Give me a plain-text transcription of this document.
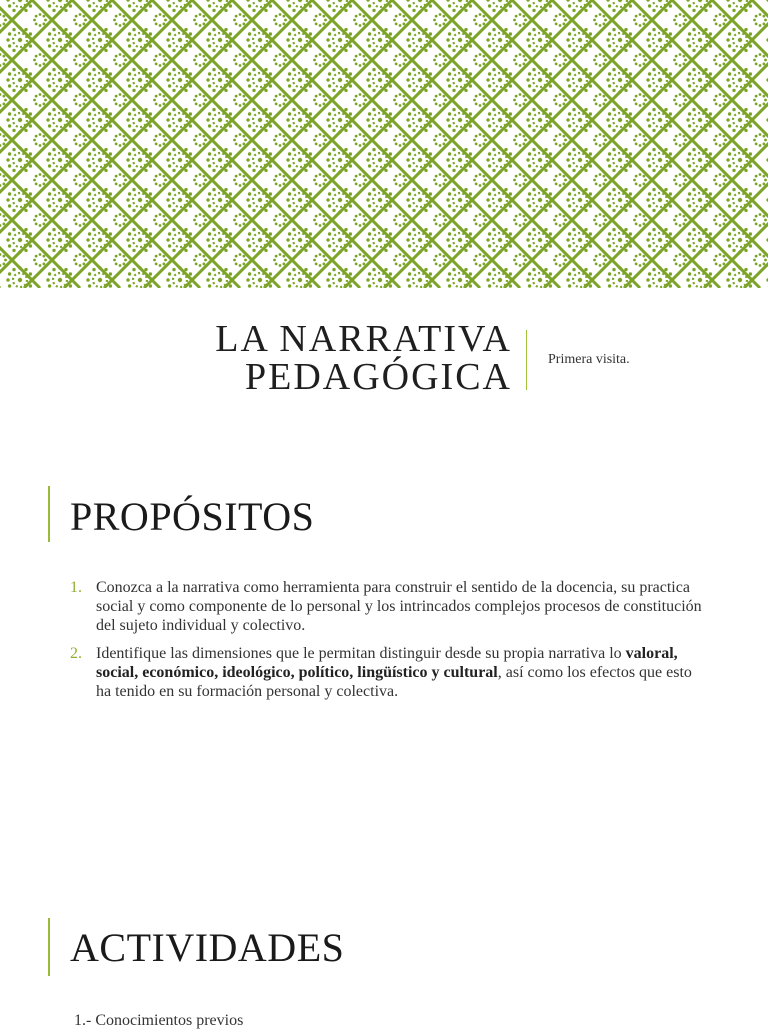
LA NARRATIVA
PEDAGÓGICA	Primera visita.
PROPÓSITOS
1. Conozca a la narrativa como herramienta para construir el sentido de la docencia, su practica social y como componente de lo personal y los intrincados complejos procesos de constitución del sujeto individual y colectivo.
2. Identifique las dimensiones que le permitan distinguir desde su propia narrativa lo valoral, social, económico, ideológico, político, lingüístico y cultural, así como los efectos que esto ha tenido en su formación personal y colectiva.
ACTIVIDADES
1.- Conocimientos previos
